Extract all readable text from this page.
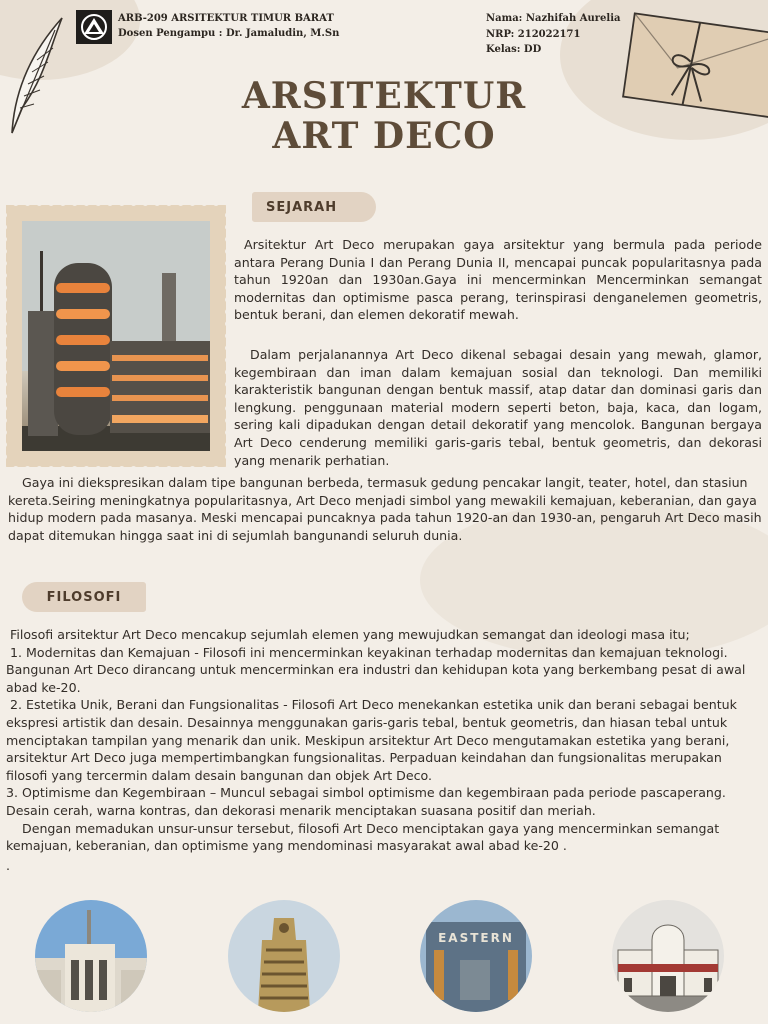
ARB-209 ARSITEKTUR TIMUR BARAT
Dosen Pengampu : Dr. Jamaludin, M.Sn
Nama: Nazhifah Aurelia
NRP: 212022171
Kelas: DD
ARSITEKTUR
ART DECO
SEJARAH

Arsitektur Art Deco merupakan gaya arsitektur yang bermula pada periode antara Perang Dunia I dan Perang Dunia II, mencapai puncak popularitasnya pada tahun 1920an dan 1930an.Gaya ini mencerminkan Mencerminkan semangat modernitas dan optimisme pasca perang, terinspirasi denganelemen geometris, bentuk berani, dan elemen dekoratif mewah.

Dalam perjalanannya Art Deco dikenal sebagai desain yang mewah, glamor, kegembiraan dan iman dalam kemajuan sosial dan teknologi. Dan memiliki karakteristik bangunan dengan bentuk massif, atap datar dan dominasi garis dan lengkung. penggunaan material modern seperti beton, baja, kaca, dan logam, sering kali dipadukan dengan detail dekoratif yang mencolok. Bangunan bergaya Art Deco cenderung memiliki garis-garis tebal, bentuk geometris, dan dekorasi yang menarik perhatian.

Gaya ini diekspresikan dalam tipe bangunan berbeda, termasuk gedung pencakar langit, teater, hotel, dan stasiun kereta.Seiring meningkatnya popularitasnya, Art Deco menjadi simbol yang mewakili kemajuan, keberanian, dan gaya hidup modern pada masanya. Meski mencapai puncaknya pada tahun 1920-an dan 1930-an, pengaruh Art Deco masih dapat ditemukan hingga saat ini di sejumlah bangunandi seluruh dunia.

FILOSOFI

Filosofi arsitektur Art Deco mencakup sejumlah elemen yang mewujudkan semangat dan ideologi masa itu;

1. Modernitas dan Kemajuan - Filosofi ini mencerminkan keyakinan terhadap modernitas dan kemajuan teknologi. Bangunan Art Deco dirancang untuk mencerminkan era industri dan kehidupan kota yang berkembang pesat di awal abad ke-20.

2. Estetika Unik, Berani dan Fungsionalitas - Filosofi Art Deco menekankan estetika unik dan berani sebagai bentuk ekspresi artistik dan desain. Desainnya menggunakan garis-garis tebal, bentuk geometris, dan hiasan tebal untuk menciptakan tampilan yang menarik dan unik. Meskipun arsitektur Art Deco mengutamakan estetika yang berani, arsitektur Art Deco juga mempertimbangkan fungsionalitas. Perpaduan keindahan dan fungsionalitas merupakan filosofi yang tercermin dalam desain bangunan dan objek Art Deco.

3. Optimisme dan Kegembiraan – Muncul sebagai simbol optimisme dan kegembiraan pada periode pascaperang. Desain cerah, warna kontras, dan dekorasi menarik menciptakan suasana positif dan meriah.

Dengan memadukan unsur-unsur tersebut, filosofi Art Deco menciptakan gaya yang mencerminkan semangat kemajuan, keberanian, dan optimisme yang mendominasi masyarakat awal abad ke-20 .

.

EASTERN
